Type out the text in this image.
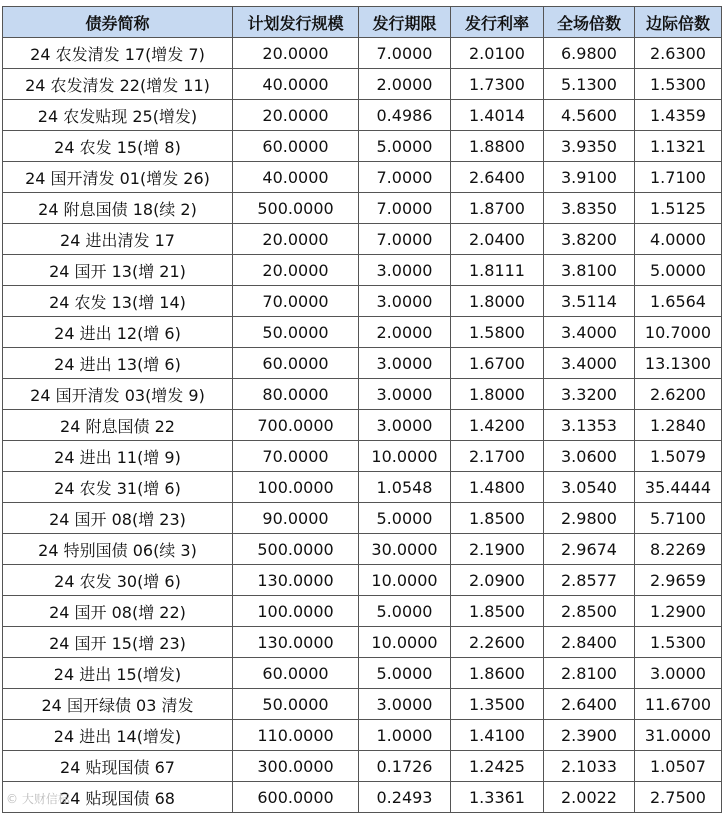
债券简称	计划发行规模	发行期限	发行利率	全场倍数	边际倍数
24 农发清发 17(增发 7)	20.0000	7.0000	2.0100	6.9800	2.6300
24 农发清发 22(增发 11)	40.0000	2.0000	1.7300	5.1300	1.5300
24 农发贴现 25(增发)	20.0000	0.4986	1.4014	4.5600	1.4359
24 农发 15(增 8)	60.0000	5.0000	1.8800	3.9350	1.1321
24 国开清发 01(增发 26)	40.0000	7.0000	2.6400	3.9100	1.7100
24 附息国债 18(续 2)	500.0000	7.0000	1.8700	3.8350	1.5125
24 进出清发 17	20.0000	7.0000	2.0400	3.8200	4.0000
24 国开 13(增 21)	20.0000	3.0000	1.8111	3.8100	5.0000
24 农发 13(增 14)	70.0000	3.0000	1.8000	3.5114	1.6564
24 进出 12(增 6)	50.0000	2.0000	1.5800	3.4000	10.7000
24 进出 13(增 6)	60.0000	3.0000	1.6700	3.4000	13.1300
24 国开清发 03(增发 9)	80.0000	3.0000	1.8000	3.3200	2.6200
24 附息国债 22	700.0000	3.0000	1.4200	3.1353	1.2840
24 进出 11(增 9)	70.0000	10.0000	2.1700	3.0600	1.5079
24 农发 31(增 6)	100.0000	1.0548	1.4800	3.0540	35.4444
24 国开 08(增 23)	90.0000	5.0000	1.8500	2.9800	5.7100
24 特别国债 06(续 3)	500.0000	30.0000	2.1900	2.9674	8.2269
24 农发 30(增 6)	130.0000	10.0000	2.0900	2.8577	2.9659
24 国开 08(增 22)	100.0000	5.0000	1.8500	2.8500	1.2900
24 国开 15(增 23)	130.0000	10.0000	2.2600	2.8400	1.5300
24 进出 15(增发)	60.0000	5.0000	1.8600	2.8100	3.0000
24 国开绿债 03 清发	50.0000	3.0000	1.3500	2.6400	11.6700
24 进出 14(增发)	110.0000	1.0000	1.4100	2.3900	31.0000
24 贴现国债 67	300.0000	0.1726	1.2425	2.1033	1.0507
24 贴现国债 68	600.0000	0.2493	1.3361	2.0022	2.7500
© 大财信标
